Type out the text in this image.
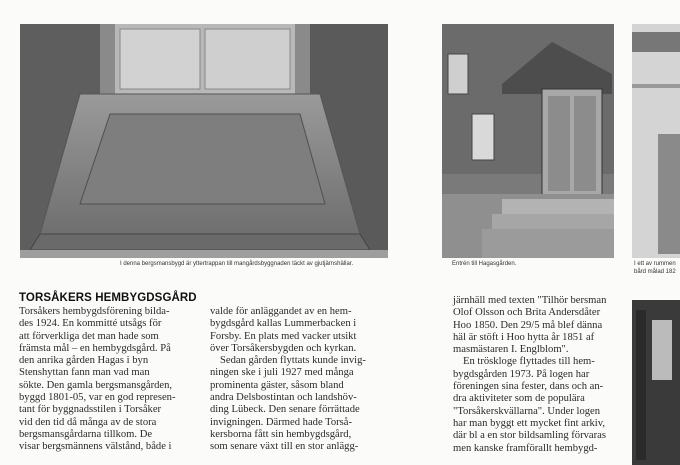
I denna bergsmansbygd är yttertrappan till mangårdsbyggnaden täckt av gjutjärnshällar.	Entrén till Hagasgården.	I ett av rummen
bård målad 182
TORSÅKERS HEMBYGDSGÅRD
Torsåkers hembygdsförening bilda-
des 1924. En kommitté utsågs för
att förverkliga det man hade som
främsta mål – en hembygdsgård. På
den anrika gården Hagas i byn
Stenshyttan fann man vad man
sökte. Den gamla bergsmansgården,
byggd 1801-05, var en god represen-
tant för byggnadsstilen i Torsåker
vid den tid då många av de stora
bergsmansgårdarna tillkom. De
visar bergsmännens välstånd, både i
valde för anläggandet av en hem-
bygdsgård kallas Lummerbacken i
Forsby. En plats med vacker utsikt
över Torsåkersbygden och kyrkan.
Sedan gården flyttats kunde invig-
ningen ske i juli 1927 med många
prominenta gäster, såsom bland
andra Delsbostintan och landshöv-
ding Lübeck. Den senare förrättade
invigningen. Därmed hade Torså-
kersborna fått sin hembygdsgård,
som senare växt till en stor anlägg-
järnhäll med texten "Tilhör bersman
Olof Olsson och Brita Andersdåter
Hoo 1850. Den 29/5 må blef dänna
häl är stöft i Hoo hytta år 1851 af
masmästaren I. Englblom".
En tröskloge flyttades till hem-
bygdsgården 1973. På logen har
föreningen sina fester, dans och an-
dra aktiviteter som de populära
"Torsåkerskvällarna". Under logen
har man byggt ett mycket fint arkiv,
där bl a en stor bildsamling förvaras
men kanske framförallt hembygd-
